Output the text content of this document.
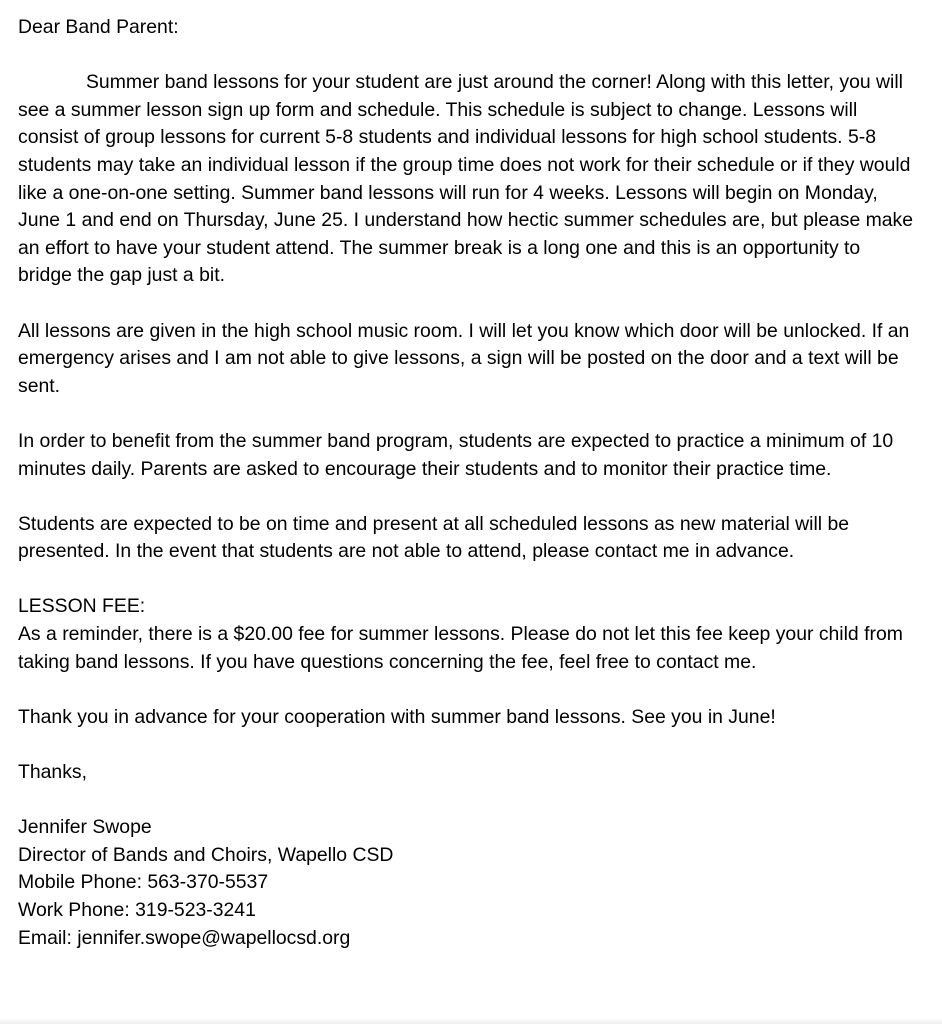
Dear Band Parent:

Summer band lessons for your student are just around the corner! Along with this letter, you will see a summer lesson sign up form and schedule. This schedule is subject to change. Lessons will consist of group lessons for current 5-8 students and individual lessons for high school students. 5-8 students may take an individual lesson if the group time does not work for their schedule or if they would like a one-on-one setting. Summer band lessons will run for 4 weeks. Lessons will begin on Monday, June 1 and end on Thursday, June 25. I understand how hectic summer schedules are, but please make an effort to have your student attend. The summer break is a long one and this is an opportunity to bridge the gap just a bit.

All lessons are given in the high school music room. I will let you know which door will be unlocked. If an emergency arises and I am not able to give lessons, a sign will be posted on the door and a text will be sent.

In order to benefit from the summer band program, students are expected to practice a minimum of 10 minutes daily. Parents are asked to encourage their students and to monitor their practice time.

Students are expected to be on time and present at all scheduled lessons as new material will be presented. In the event that students are not able to attend, please contact me in advance.

LESSON FEE:

As a reminder, there is a $20.00 fee for summer lessons. Please do not let this fee keep your child from taking band lessons. If you have questions concerning the fee, feel free to contact me.

Thank you in advance for your cooperation with summer band lessons. See you in June!

Thanks,

Jennifer Swope

Director of Bands and Choirs, Wapello CSD

Mobile Phone: 563-370-5537

Work Phone: 319-523-3241

Email: jennifer.swope@wapellocsd.org
